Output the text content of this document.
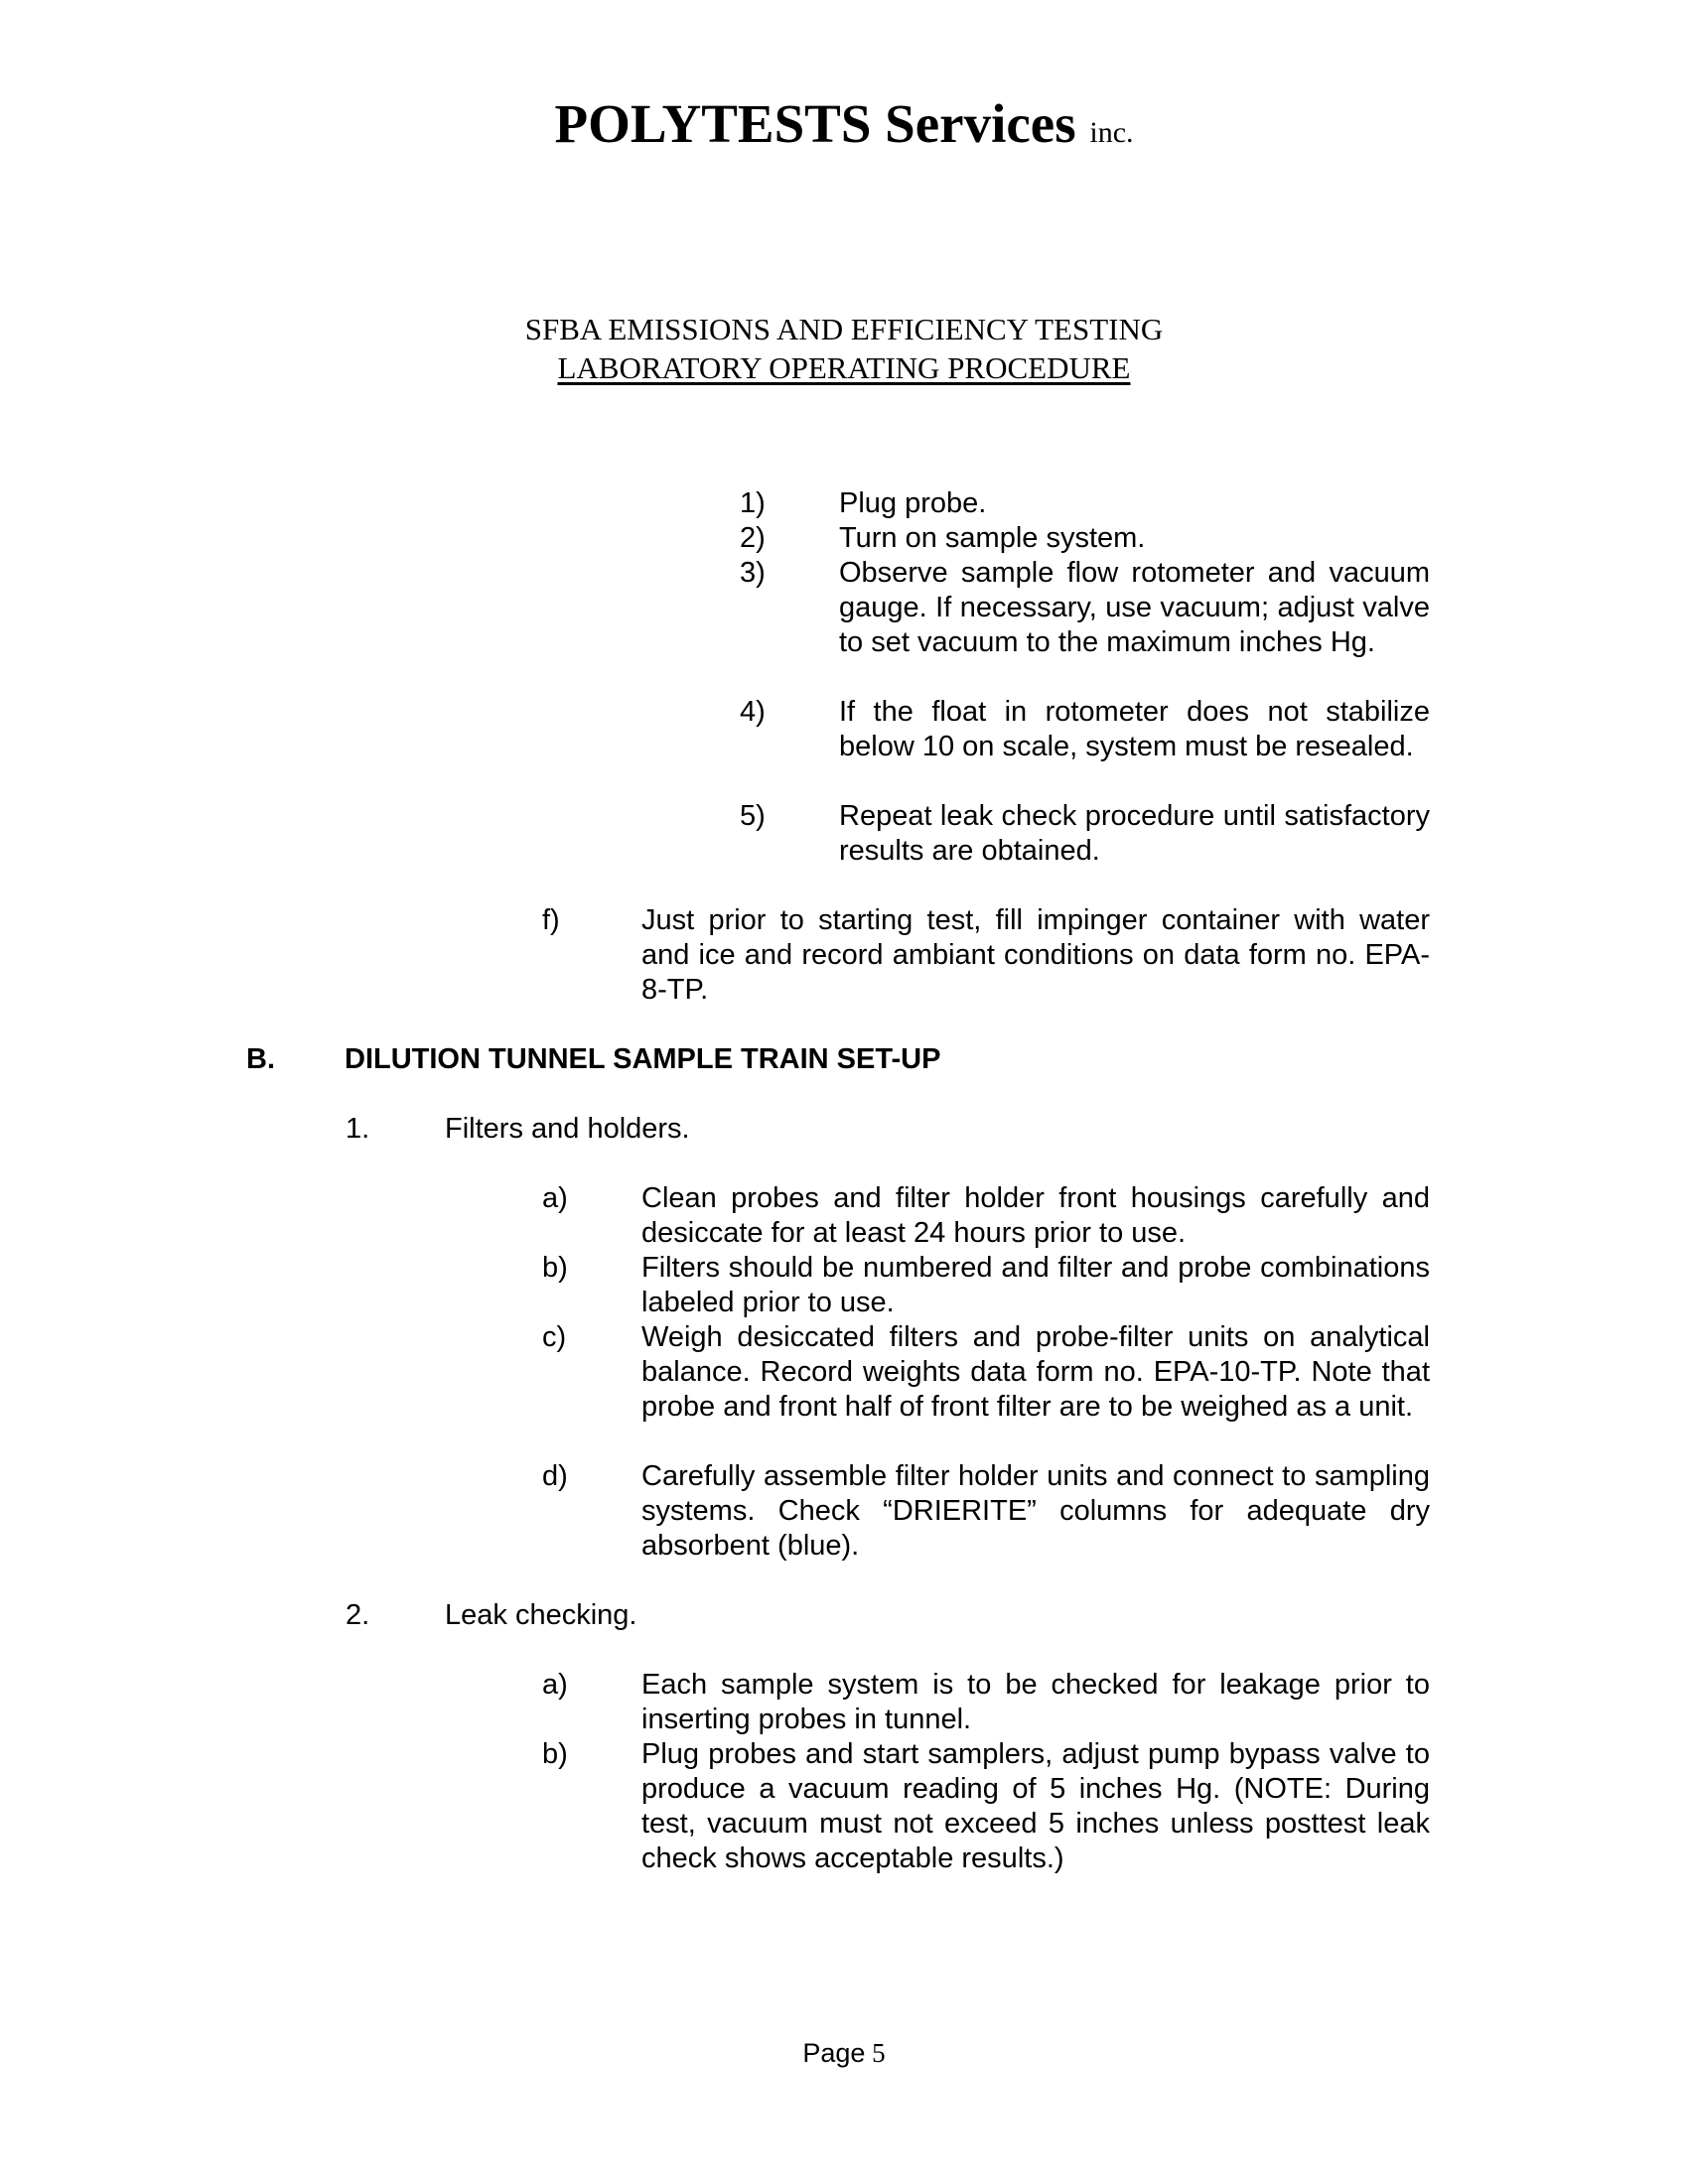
POLYTESTS Services inc.
SFBA EMISSIONS AND EFFICIENCY TESTING
LABORATORY OPERATING PROCEDURE
1)	Plug probe.
2)	Turn on sample system.
3)	Observe sample flow rotometer and vacuum gauge. If necessary, use vacuum; adjust valve to set vacuum to the maximum inches Hg.
4)	If the float in rotometer does not stabilize below 10 on scale, system must be resealed.
5)	Repeat leak check procedure until satisfactory results are obtained.
f)	Just prior to starting test, fill impinger container with water and ice and record ambiant conditions on data form no. EPA-8-TP.
B. DILUTION TUNNEL SAMPLE TRAIN SET-UP
1.	Filters and holders.
a)	Clean probes and filter holder front housings carefully and desiccate for at least 24 hours prior to use.
b)	Filters should be numbered and filter and probe combinations labeled prior to use.
c)	Weigh desiccated filters and probe-filter units on analytical balance. Record weights data form no. EPA-10-TP. Note that probe and front half of front filter are to be weighed as a unit.
d)	Carefully assemble filter holder units and connect to sampling systems. Check “DRIERITE” columns for adequate dry absorbent (blue).
2.	Leak checking.
a)	Each sample system is to be checked for leakage prior to inserting probes in tunnel.
b)	Plug probes and start samplers, adjust pump bypass valve to produce a vacuum reading of 5 inches Hg. (NOTE: During test, vacuum must not exceed 5 inches unless posttest leak check shows acceptable results.)
Page 5
